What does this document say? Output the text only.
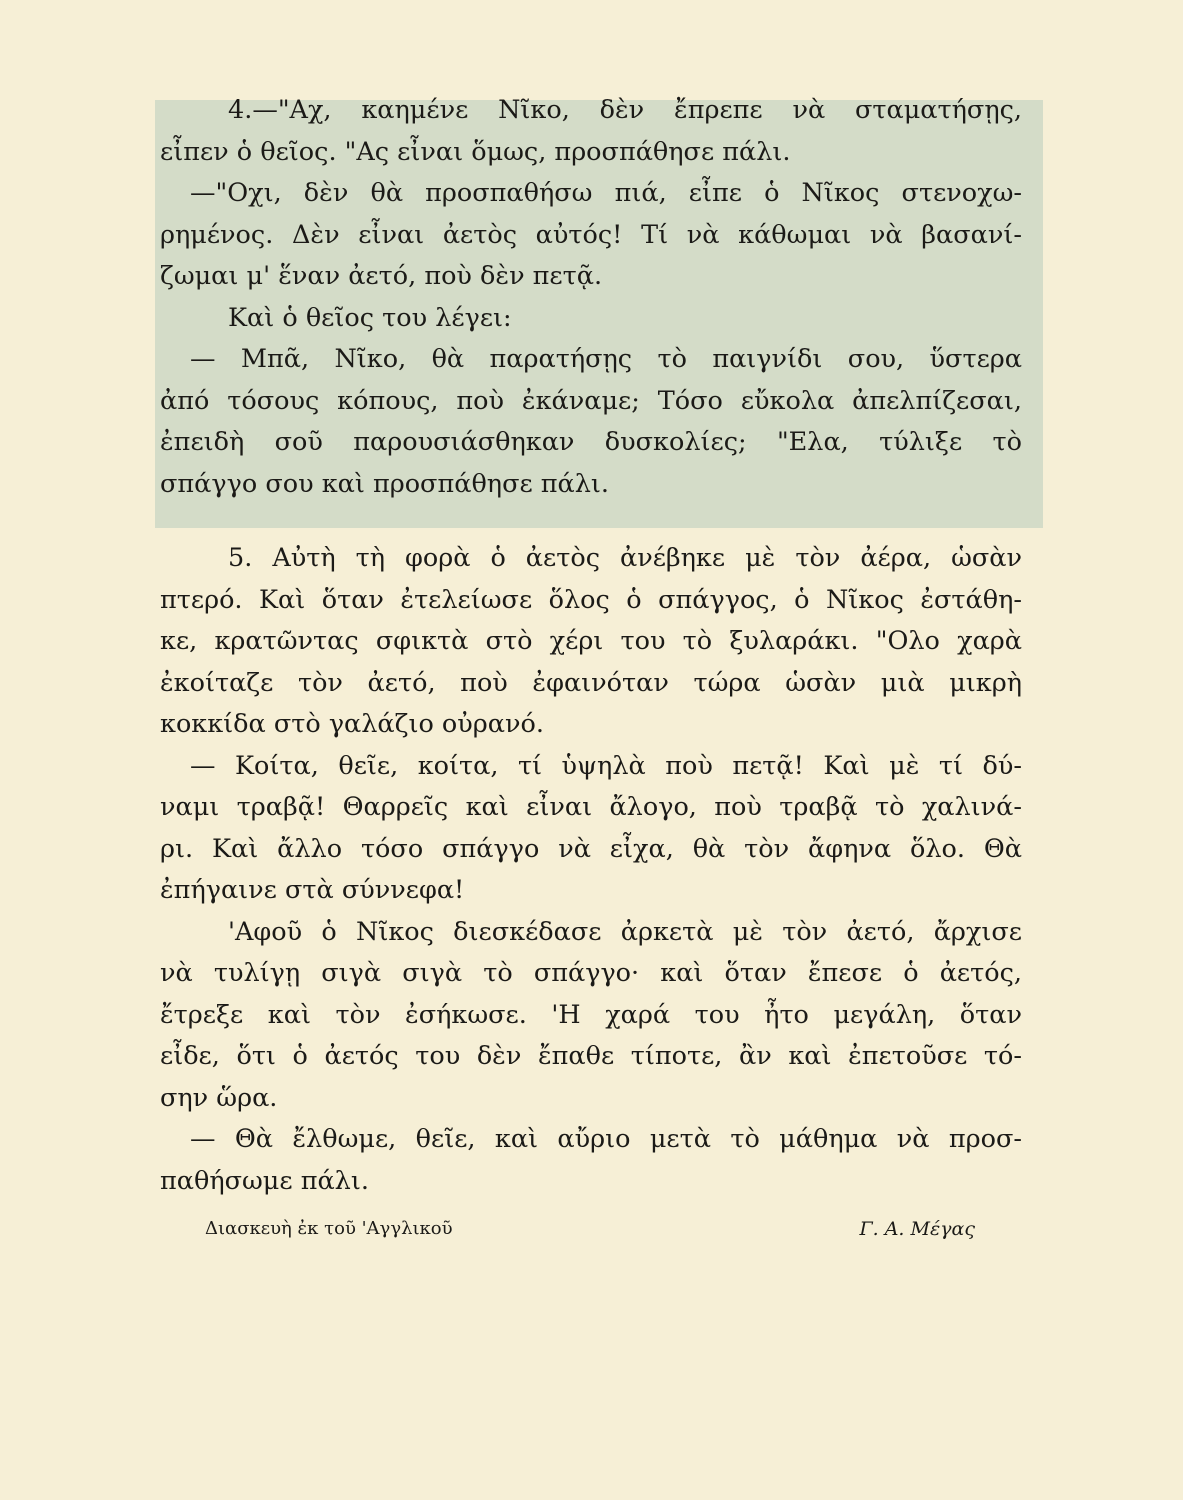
4.—"Αχ, καημένε Νῖκο, δὲν ἔπρεπε νὰ σταματήσῃς,
εἶπεν ὁ θεῖος. "Ας εἶναι ὅμως, προσπάθησε πάλι.
—"Οχι, δὲν θὰ προσπαθήσω πιά, εἶπε ὁ Νῖκος στενοχω-
ρημένος. Δὲν εἶναι ἀετὸς αὐτός! Τί νὰ κάθωμαι νὰ βασανί-
ζωμαι μ' ἕναν ἀετό, ποὺ δὲν πετᾷ.
Καὶ ὁ θεῖος του λέγει:
— Μπᾶ, Νῖκο, θὰ παρατήσῃς τὸ παιγνίδι σου, ὕστερα
ἀπό τόσους κόπους, ποὺ ἐκάναμε; Τόσο εὔκολα ἀπελπίζεσαι,
ἐπειδὴ σοῦ παρουσιάσθηκαν δυσκολίες; "Ελα, τύλιξε τὸ
σπάγγο σου καὶ προσπάθησε πάλι.
5. Αὐτὴ τὴ φορὰ ὁ ἀετὸς ἀνέβηκε μὲ τὸν ἀέρα, ὡσὰν
πτερό. Καὶ ὅταν ἐτελείωσε ὅλος ὁ σπάγγος, ὁ Νῖκος ἐστάθη-
κε, κρατῶντας σφικτὰ στὸ χέρι του τὸ ξυλαράκι. "Ολο χαρὰ
ἐκοίταζε τὸν ἀετό, ποὺ ἐφαινόταν τώρα ὡσὰν μιὰ μικρὴ
κοκκίδα στὸ γαλάζιο οὐρανό.
— Κοίτα, θεῖε, κοίτα, τί ὑψηλὰ ποὺ πετᾷ! Καὶ μὲ τί δύ-
ναμι τραβᾷ! Θαρρεῖς καὶ εἶναι ἄλογο, ποὺ τραβᾷ τὸ χαλινά-
ρι. Καὶ ἄλλο τόσο σπάγγο νὰ εἶχα, θὰ τὸν ἄφηνα ὅλο. Θὰ
ἐπήγαινε στὰ σύννεφα!
'Αφοῦ ὁ Νῖκος διεσκέδασε ἀρκετὰ μὲ τὸν ἀετό, ἄρχισε
νὰ τυλίγῃ σιγὰ σιγὰ τὸ σπάγγο· καὶ ὅταν ἔπεσε ὁ ἀετός,
ἔτρεξε καὶ τὸν ἐσήκωσε. 'Η χαρά του ἦτο μεγάλη, ὅταν
εἶδε, ὅτι ὁ ἀετός του δὲν ἔπαθε τίποτε, ἂν καὶ ἐπετοῦσε τό-
σην ὥρα.
— Θὰ ἔλθωμε, θεῖε, καὶ αὔριο μετὰ τὸ μάθημα νὰ προσ-
παθήσωμε πάλι.
Διασκευὴ ἐκ τοῦ 'Αγγλικοῦ	Γ. Α. Μέγας
